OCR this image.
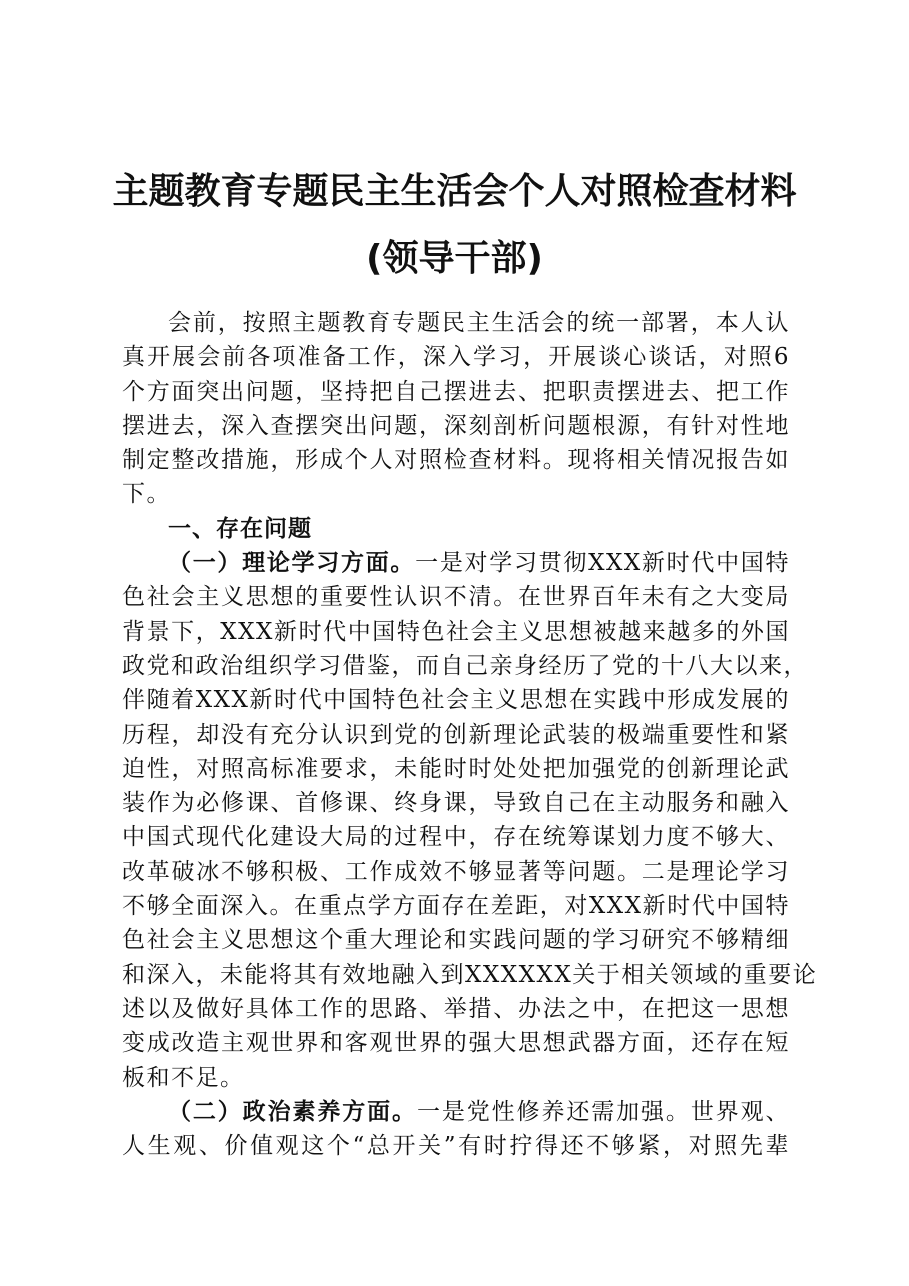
主题教育专题民主生活会个人对照检查材料
(领导干部)
会前，按照主题教育专题民主生活会的统一部署，本人认
真开展会前各项准备工作，深入学习，开展谈心谈话，对照6
个方面突出问题，坚持把自己摆进去、把职责摆进去、把工作
摆进去，深入查摆突出问题，深刻剖析问题根源，有针对性地
制定整改措施，形成个人对照检查材料。现将相关情况报告如
下。
一、存在问题
（一）理论学习方面。一是对学习贯彻XXX新时代中国特
色社会主义思想的重要性认识不清。在世界百年未有之大变局
背景下，XXX新时代中国特色社会主义思想被越来越多的外国
政党和政治组织学习借鉴，而自己亲身经历了党的十八大以来，
伴随着XXX新时代中国特色社会主义思想在实践中形成发展的
历程，却没有充分认识到党的创新理论武装的极端重要性和紧
迫性，对照高标准要求，未能时时处处把加强党的创新理论武
装作为必修课、首修课、终身课，导致自己在主动服务和融入
中国式现代化建设大局的过程中，存在统筹谋划力度不够大、
改革破冰不够积极、工作成效不够显著等问题。二是理论学习
不够全面深入。在重点学方面存在差距，对XXX新时代中国特
色社会主义思想这个重大理论和实践问题的学习研究不够精细
和深入，未能将其有效地融入到XXXXXX关于相关领域的重要论
述以及做好具体工作的思路、举措、办法之中，在把这一思想
变成改造主观世界和客观世界的强大思想武器方面，还存在短
板和不足。
（二）政治素养方面。一是党性修养还需加强。世界观、
人生观、价值观这个“总开关”有时拧得还不够紧，对照先辈
